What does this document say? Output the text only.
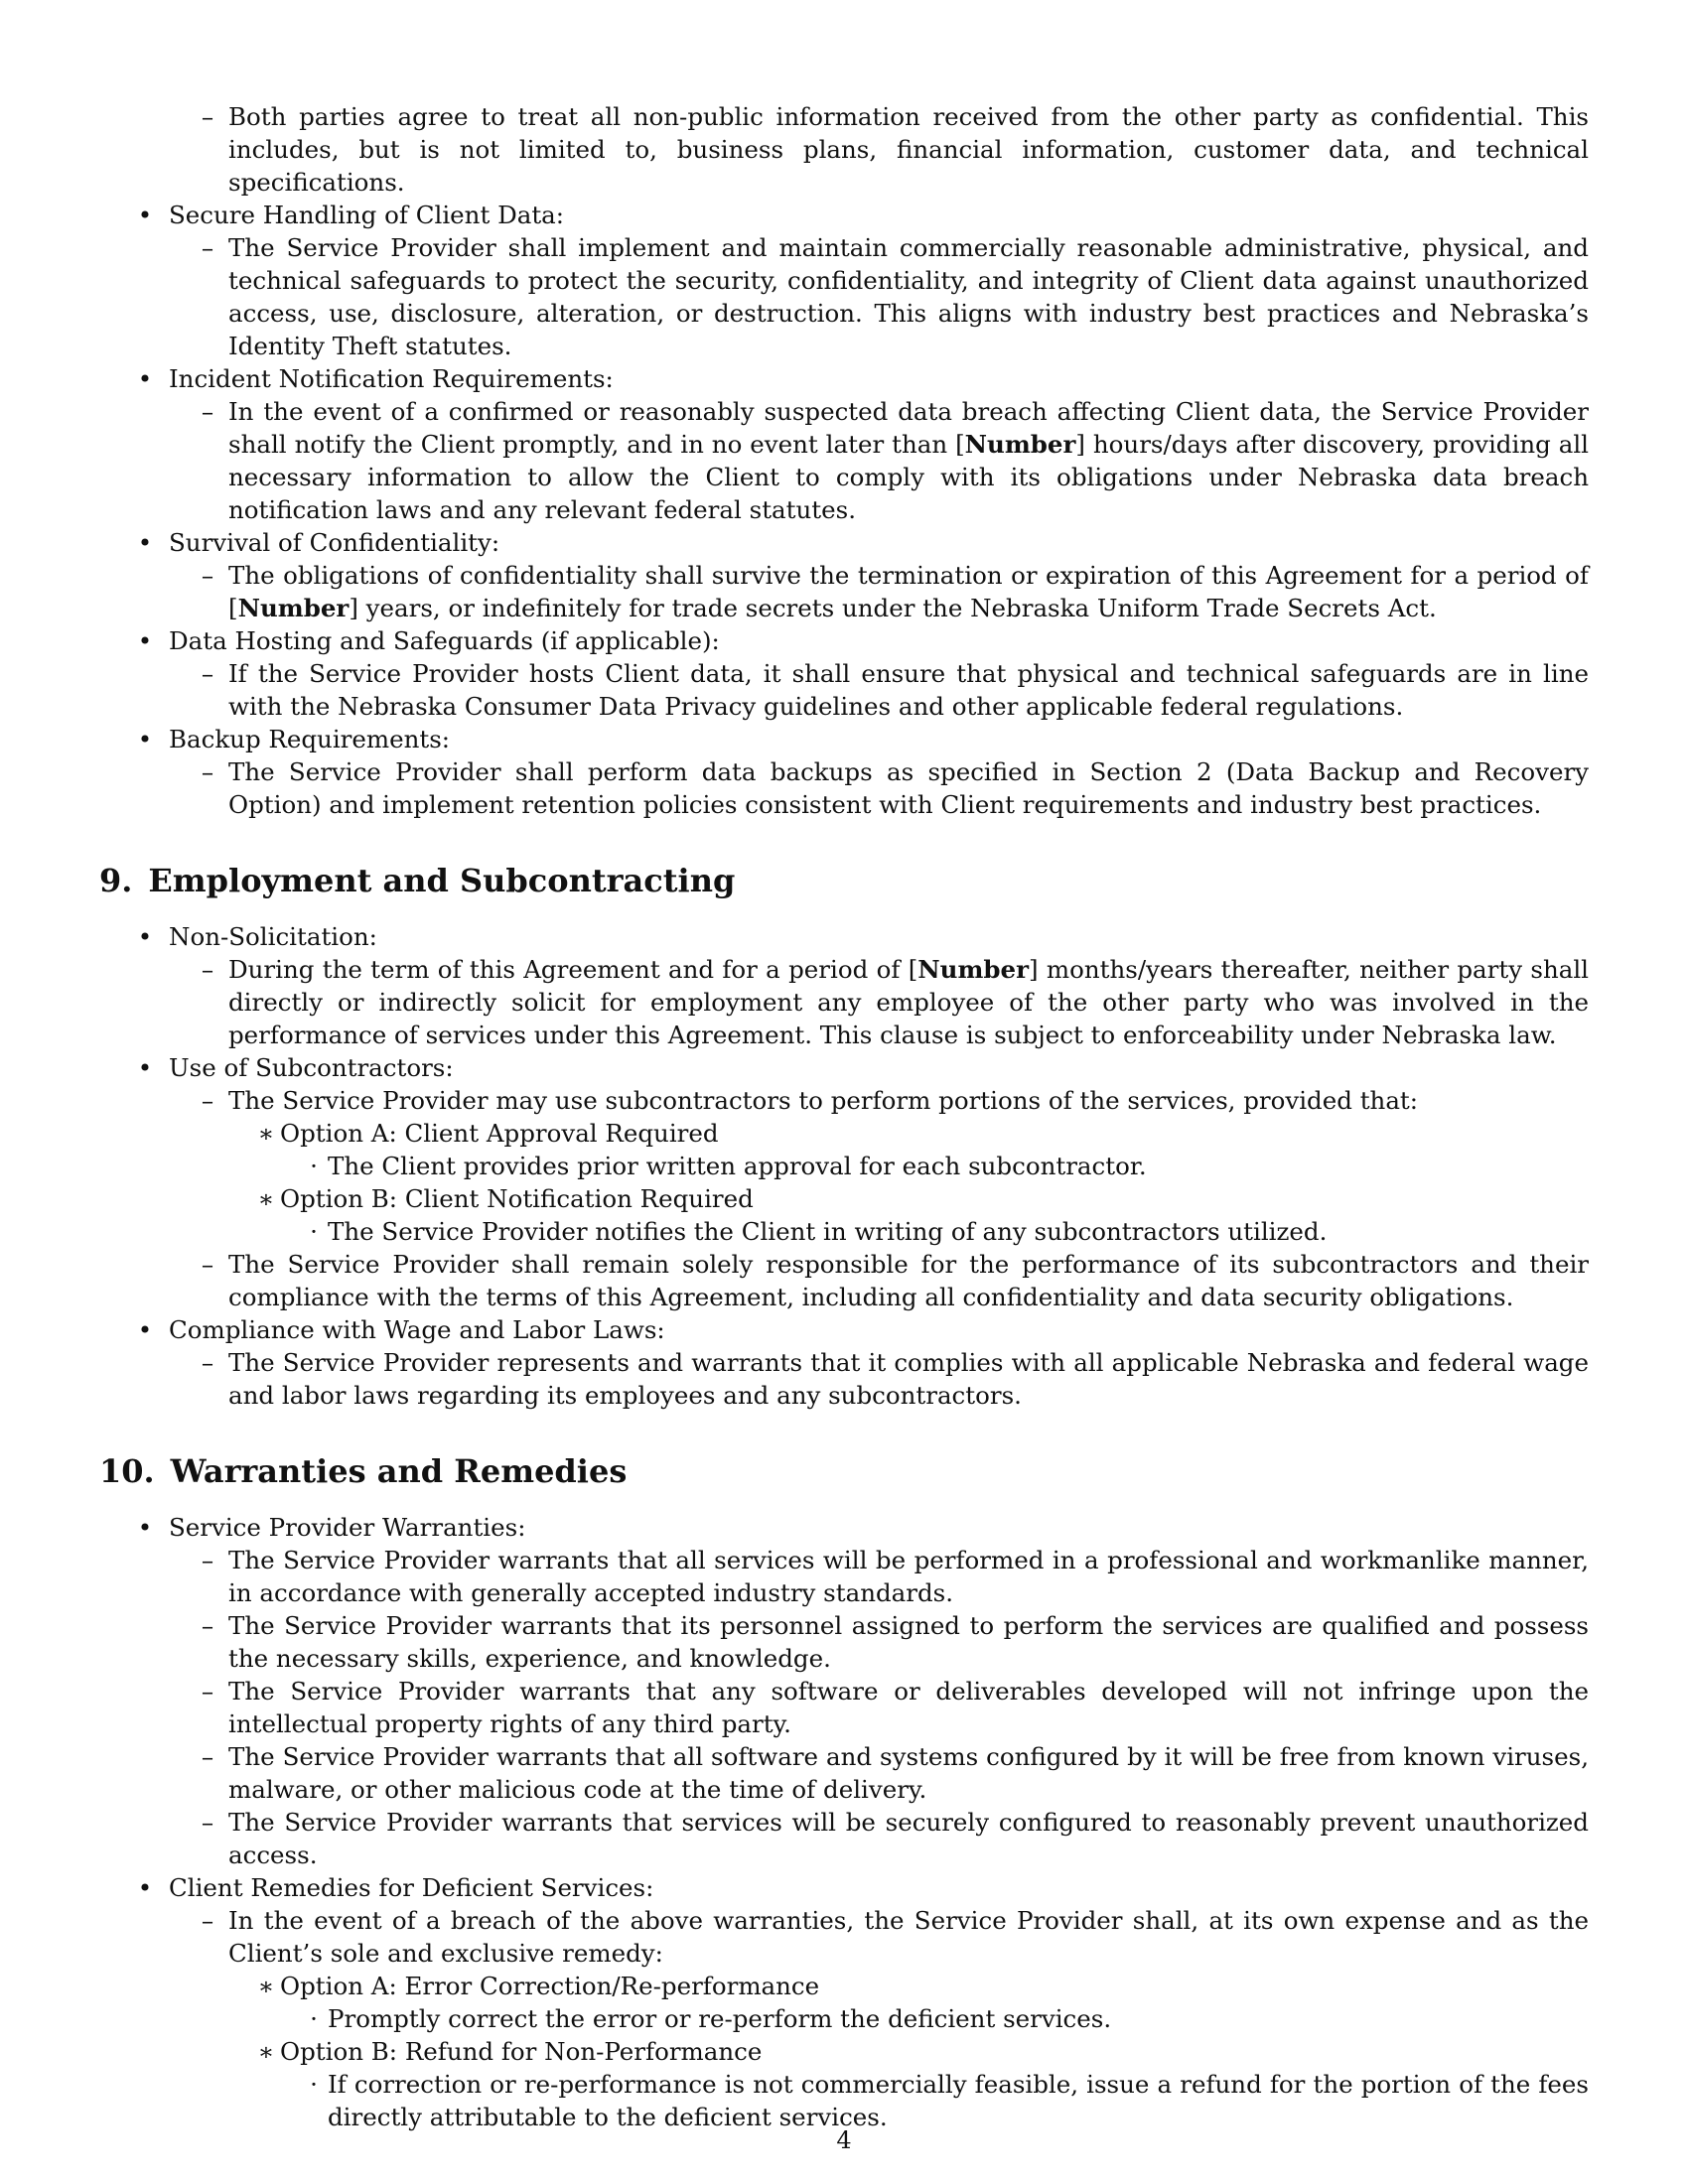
– Both parties agree to treat all non-public information received from the other party as confidential. This includes, but is not limited to, business plans, financial information, customer data, and technical specifications.
• Secure Handling of Client Data:
– The Service Provider shall implement and maintain commercially reasonable administrative, physical, and technical safeguards to protect the security, confidentiality, and integrity of Client data against unauthorized access, use, disclosure, alteration, or destruction. This aligns with industry best practices and Nebraska’s Identity Theft statutes.
• Incident Notification Requirements:
– In the event of a confirmed or reasonably suspected data breach affecting Client data, the Service Provider shall notify the Client promptly, and in no event later than [Number] hours/days after discovery, providing all necessary information to allow the Client to comply with its obligations under Nebraska data breach notification laws and any relevant federal statutes.
• Survival of Confidentiality:
– The obligations of confidentiality shall survive the termination or expiration of this Agreement for a period of [Number] years, or indefinitely for trade secrets under the Nebraska Uniform Trade Secrets Act.
• Data Hosting and Safeguards (if applicable):
– If the Service Provider hosts Client data, it shall ensure that physical and technical safeguards are in line with the Nebraska Consumer Data Privacy guidelines and other applicable federal regulations.
• Backup Requirements:
– The Service Provider shall perform data backups as specified in Section 2 (Data Backup and Recovery Option) and implement retention policies consistent with Client requirements and industry best practices.
9. Employment and Subcontracting
• Non-Solicitation:
– During the term of this Agreement and for a period of [Number] months/years thereafter, neither party shall directly or indirectly solicit for employment any employee of the other party who was involved in the performance of services under this Agreement. This clause is subject to enforceability under Nebraska law.
• Use of Subcontractors:
– The Service Provider may use subcontractors to perform portions of the services, provided that:
∗ Option A: Client Approval Required
· The Client provides prior written approval for each subcontractor.
∗ Option B: Client Notification Required
· The Service Provider notifies the Client in writing of any subcontractors utilized.
– The Service Provider shall remain solely responsible for the performance of its subcontractors and their compliance with the terms of this Agreement, including all confidentiality and data security obligations.
• Compliance with Wage and Labor Laws:
– The Service Provider represents and warrants that it complies with all applicable Nebraska and federal wage and labor laws regarding its employees and any subcontractors.
10. Warranties and Remedies
• Service Provider Warranties:
– The Service Provider warrants that all services will be performed in a professional and workmanlike manner, in accordance with generally accepted industry standards.
– The Service Provider warrants that its personnel assigned to perform the services are qualified and possess the necessary skills, experience, and knowledge.
– The Service Provider warrants that any software or deliverables developed will not infringe upon the intellectual property rights of any third party.
– The Service Provider warrants that all software and systems configured by it will be free from known viruses, malware, or other malicious code at the time of delivery.
– The Service Provider warrants that services will be securely configured to reasonably prevent unauthorized access.
• Client Remedies for Deficient Services:
– In the event of a breach of the above warranties, the Service Provider shall, at its own expense and as the Client’s sole and exclusive remedy:
∗ Option A: Error Correction/Re-performance
· Promptly correct the error or re-perform the deficient services.
∗ Option B: Refund for Non-Performance
· If correction or re-performance is not commercially feasible, issue a refund for the portion of the fees directly attributable to the deficient services.
4
